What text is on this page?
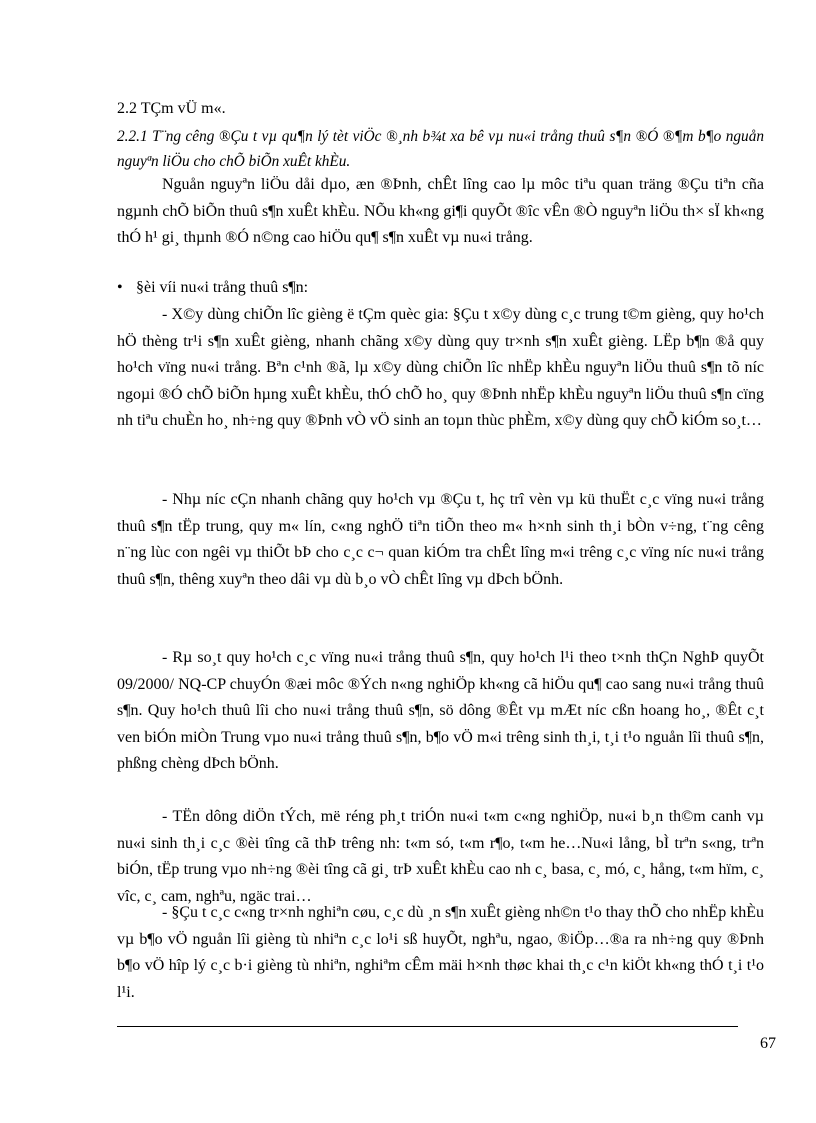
2.2 TÇm vÜ m«.
2.2.1 T¨ng cêng ®Çu t vµ qu¶n lý tèt viÖc ®¸nh b¾t xa bê vµ nu«i trång thuû s¶n ®Ó ®¶m b¶o nguån nguyªn liÖu cho chÕ biÕn xuÊt khÈu.
Nguån nguyªn liÖu dåi dµo, æn ®Þnh, chÊt lîng cao lµ môc tiªu quan träng ®Çu tiªn cña ngµnh chÕ biÕn thuû s¶n xuÊt khÈu. NÕu kh«ng gi¶i quyÕt ®îc vÊn ®Ò nguyªn liÖu th× sÏ kh«ng thÓ h¹ gi¸ thµnh ®Ó n©ng cao hiÖu qu¶ s¶n xuÊt vµ nu«i trång.
• §èi víi nu«i trång thuû s¶n:
- X©y dùng chiÕn lîc gièng ë tÇm quèc gia: §Çu t x©y dùng c¸c trung t©m gièng, quy ho¹ch hÖ thèng tr¹i s¶n xuÊt gièng, nhanh chãng x©y dùng quy tr×nh s¶n xuÊt gièng. LËp b¶n ®å quy ho¹ch vïng nu«i trång. Bªn c¹nh ®ã, lµ x©y dùng chiÕn lîc nhËp khÈu nguyªn liÖu thuû s¶n tõ níc ngoµi ®Ó chÕ biÕn hµng xuÊt khÈu, thÓ chÕ ho¸ quy ®Þnh nhËp khÈu nguyªn liÖu thuû s¶n cïng nh tiªu chuÈn ho¸ nh÷ng quy ®Þnh vÒ vÖ sinh an toµn thùc phÈm, x©y dùng quy chÕ kiÓm so¸t…
- Nhµ níc cÇn nhanh chãng quy ho¹ch vµ ®Çu t, hç trî vèn vµ kü thuËt c¸c vïng nu«i trång thuû s¶n tËp trung, quy m« lín, c«ng nghÖ tiªn tiÕn theo m« h×nh sinh th¸i bÒn v÷ng, t¨ng cêng n¨ng lùc con ngêi vµ thiÕt bÞ cho c¸c c¬ quan kiÓm tra chÊt lîng m«i trêng c¸c vïng níc nu«i trång thuû s¶n, thêng xuyªn theo dâi vµ dù b¸o vÒ chÊt lîng vµ dÞch bÖnh.
- Rµ so¸t quy ho¹ch c¸c vïng nu«i trång thuû s¶n, quy ho¹ch l¹i theo t×nh thÇn NghÞ quyÕt 09/2000/ NQ-CP chuyÓn ®æi môc ®Ých n«ng nghiÖp kh«ng cã hiÖu qu¶ cao sang nu«i trång thuû s¶n. Quy ho¹ch thuû lîi cho nu«i trång thuû s¶n, sö dông ®Êt vµ mÆt níc cßn hoang ho¸, ®Êt c¸t ven biÓn miÒn Trung vµo nu«i trång thuû s¶n, b¶o vÖ m«i trêng sinh th¸i, t¸i t¹o nguån lîi thuû s¶n, phßng chèng dÞch bÖnh.
- TËn dông diÖn tÝch, më réng ph¸t triÓn nu«i t«m c«ng nghiÖp, nu«i b¸n th©m canh vµ nu«i sinh th¸i c¸c ®èi tîng cã thÞ trêng nh: t«m só, t«m r¶o, t«m he…Nu«i lång, bÌ trªn s«ng, trªn biÓn, tËp trung vµo nh÷ng ®èi tîng cã gi¸ trÞ xuÊt khÈu cao nh c¸ basa, c¸ mó, c¸ hång, t«m hïm, c¸ vîc, c¸ cam, nghªu, ngäc trai…
- §Çu t c¸c c«ng tr×nh nghiªn cøu, c¸c dù ¸n s¶n xuÊt gièng nh©n t¹o thay thÕ cho nhËp khÈu vµ b¶o vÖ nguån lîi gièng tù nhiªn c¸c lo¹i sß huyÕt, nghªu, ngao, ®iÖp…®a ra nh÷ng quy ®Þnh b¶o vÖ hîp lý c¸c b·i gièng tù nhiªn, nghiªm cÊm mäi h×nh thøc khai th¸c c¹n kiÖt kh«ng thÓ t¸i t¹o l¹i.
67
